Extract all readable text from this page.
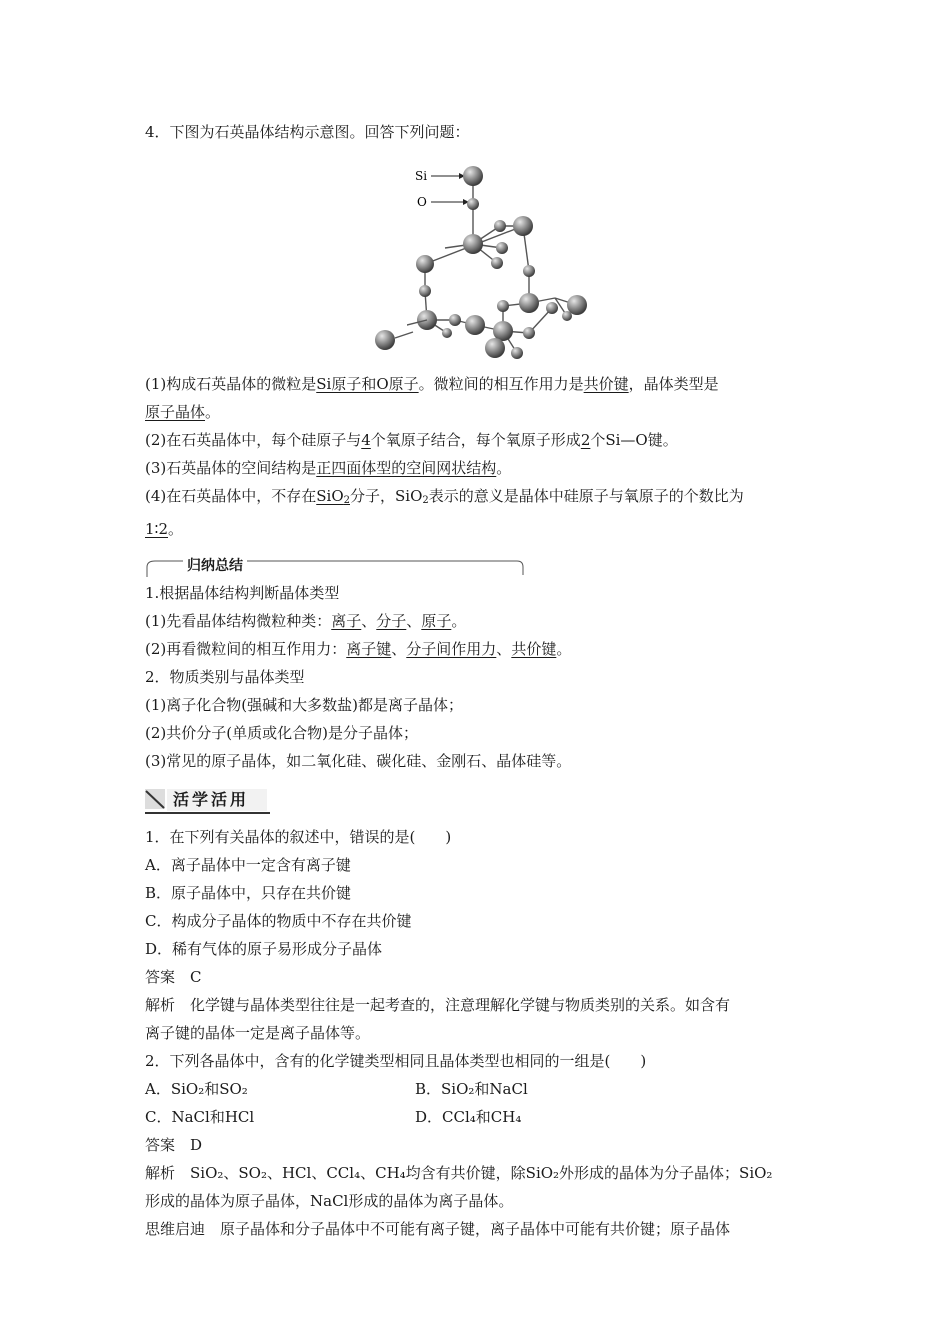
4．下图为石英晶体结构示意图。回答下列问题：
Si
O
(1)构成石英晶体的微粒是Si原子和O原子。微粒间的相互作用力是共价键，晶体类型是
原子晶体。
(2)在石英晶体中，每个硅原子与4个氧原子结合，每个氧原子形成2个Si—O键。
(3)石英晶体的空间结构是正四面体型的空间网状结构。
(4)在石英晶体中，不存在SiO$_2$分子，SiO$_2$表示的意义是晶体中硅原子与氧原子的个数比为
1∶2。
归纳总结
1.根据晶体结构判断晶体类型
(1)先看晶体结构微粒种类：离子、分子、原子。
(2)再看微粒间的相互作用力：离子键、分子间作用力、共价键。
2．物质类别与晶体类型
(1)离子化合物(强碱和大多数盐)都是离子晶体；
(2)共价分子(单质或化合物)是分子晶体；
(3)常见的原子晶体，如二氧化硅、碳化硅、金刚石、晶体硅等。
活学活用
1．在下列有关晶体的叙述中，错误的是(　　)
A．离子晶体中一定含有离子键
B．原子晶体中，只存在共价键
C．构成分子晶体的物质中不存在共价键
D．稀有气体的原子易形成分子晶体
答案　C
解析　化学键与晶体类型往往是一起考查的，注意理解化学键与物质类别的关系。如含有
离子键的晶体一定是离子晶体等。
2．下列各晶体中，含有的化学键类型相同且晶体类型也相同的一组是(　　)
A．SiO₂和SO₂	B．SiO₂和NaCl
C．NaCl和HCl	D．CCl₄和CH₄
答案　D
解析　SiO₂、SO₂、HCl、CCl₄、CH₄均含有共价键，除SiO₂外形成的晶体为分子晶体；SiO₂
形成的晶体为原子晶体，NaCl形成的晶体为离子晶体。
思维启迪　原子晶体和分子晶体中不可能有离子键，离子晶体中可能有共价键；原子晶体
